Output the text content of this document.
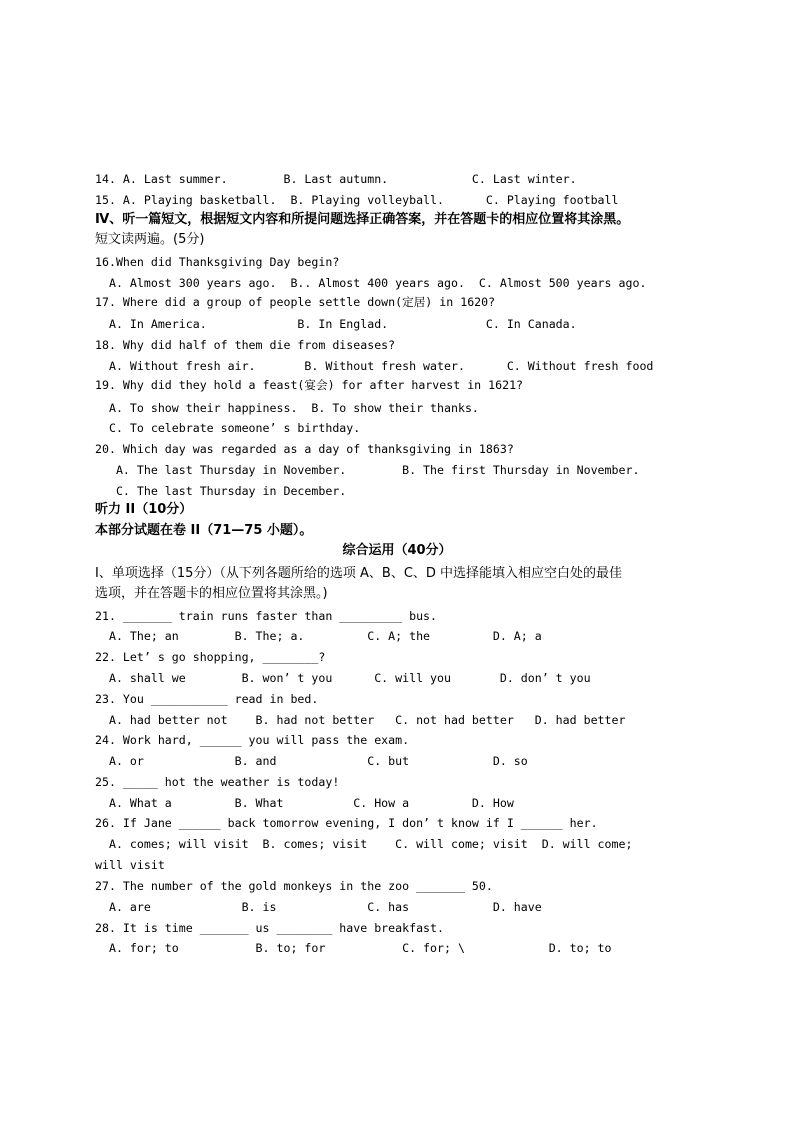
14. A. Last summer.        B. Last autumn.            C. Last winter.
15. A. Playing basketball.  B. Playing volleyball.      C. Playing football
Ⅳ、听一篇短文，根据短文内容和所提问题选择正确答案，并在答题卡的相应位置将其涂黑。
短文读两遍。(5分)
16.When did Thanksgiving Day begin?
A. Almost 300 years ago.  B.. Almost 400 years ago.  C. Almost 500 years ago.
17. Where did a group of people settle down(定居) in 1620?
A. In America.             B. In Englad.              C. In Canada.
18. Why did half of them die from diseases?
A. Without fresh air.       B. Without fresh water.      C. Without fresh food
19. Why did they hold a feast(宴会) for after harvest in 1621?
A. To show their happiness.  B. To show their thanks.
C. To celebrate someone’ s birthday.
20. Which day was regarded as a day of thanksgiving in 1863?
A. The last Thursday in November.        B. The first Thursday in November.
C. The last Thursday in December.
听力 II（10分）
本部分试题在卷 II（71—75 小题）。
综合运用（40分）
I、单项选择（15分）（从下列各题所给的选项 A、B、C、D 中选择能填入相应空白处的最佳
选项，并在答题卡的相应位置将其涂黑。)
21. _______ train runs faster than _________ bus.
A. The; an        B. The; a.         C. A; the         D. A; a
22. Let’ s go shopping, ________?
A. shall we        B. won’ t you      C. will you       D. don’ t you
23. You ___________ read in bed.
A. had better not    B. had not better   C. not had better   D. had better
24. Work hard, ______ you will pass the exam.
A. or             B. and             C. but            D. so
25. _____ hot the weather is today!
A. What a         B. What          C. How a         D. How
26. If Jane ______ back tomorrow evening, I don’ t know if I ______ her.
A. comes; will visit  B. comes; visit    C. will come; visit  D. will come;
will visit
27. The number of the gold monkeys in the zoo _______ 50.
A. are             B. is             C. has            D. have
28. It is time _______ us ________ have breakfast.
A. for; to           B. to; for           C. for; \            D. to; to
